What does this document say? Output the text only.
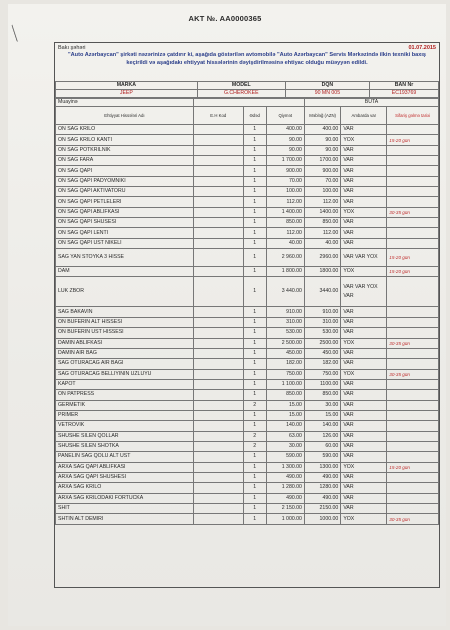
AKT №. AA0000365
Bakı şəhəri	01.07.2015
"Auto Azərbaycan" şirkəti nəzərinizə çatdırır ki, aşağıda göstərilən avtomobilə "Auto Azərbaycan" Servis Mərkəzində ilkin texniki baxış keçirildi və aşağıdakı ehtiyyat hissələrinin dəyişdirilməsinə ehtiyac olduğu müəyyən edildi.
MARKA	MODEL	DQN	BAN Nr
JEEP	G.CHEROKEE	90 MN 005	EC193769
Muayinə				BUTA		
Ehtiyyat Hissələri Adı	E.H Kod	Ədəd	Qiymət	Məbləğ (AZN)	Ambarda var	Sifariş gəlmə tarixi
ON SAG KRILO		1	400.00	400.00	VAR	
ON SAG KRILO KANTI		1	90.00	90.00	YOX	15-20 gün
ON SAG POTKRILNIK		1	90.00	90.00	VAR	
ON SAG FARA		1	1 700.00	1700.00	VAR	
ON SAG QAPI		1	900.00	900.00	VAR	
ON SAG QAPI PADYOMNIKI		1	70.00	70.00	VAR	
ON SAG QAPI AKTIVATORU		1	100.00	100.00	VAR	
ON SAG QAPI PETLELERI		1	112.00	112.00	VAR	
ON SAG QAPI ABLIFKASI		1	1 400.00	1400.00	YOX	30-35 gün
ON SAG QAPI SHUSESI		1	850.00	850.00	VAR	
ON SAG QAPI LENTI		1	112.00	112.00	VAR	
ON SAG QAPI UST NIKELI		1	40.00	40.00	VAR	
SAG YAN STOYKA 3 HISSE		1	2 960.00	2960.00	VAR VAR YOX	15-20 gün
DAM		1	1 800.00	1800.00	YOX	15-20 gün
LUK ZBOR		1	3 440.00	3440.00	VAR VAR YOX VAR	
SAG BAKAVIN		1	910.00	910.00	VAR	
ON BUFERIN ALT HISSESI		1	310.00	310.00	VAR	
ON BUFERIN UST HISSESI		1	530.00	530.00	VAR	
DAMIN ABLIFKASI		1	2 500.00	2500.00	YOX	30-35 gün
DAMIN AIR BAG		1	450.00	450.00	VAR	
SAG OTURACAG AIR BAGI		1	182.00	182.00	VAR	
SAG OTURACAG BELLIYININ UZLUYU		1	750.00	750.00	YOX	30-35 gün
KAPOT		1	1 100.00	1100.00	VAR	
ON PATPRESS		1	850.00	850.00	VAR	
GERMETIK		2	15.00	30.00	VAR	
PRIMER		1	15.00	15.00	VAR	
VETROVIK		1	140.00	140.00	VAR	
SHUSHE SILEN QOLLAR		2	63.00	126.00	VAR	
SHUSHE SILEN SHOTKA		2	30.00	60.00	VAR	
PANELIN SAG QOLU ALT UST		1	590.00	590.00	VAR	
ARXA SAG QAPI ABLIFKASI		1	1 300.00	1300.00	YOX	15-20 gün
ARXA SAG QAPI SHUSHESI		1	490.00	490.00	VAR	
ARXA SAG KRILO		1	1 280.00	1280.00	VAR	
ARXA SAG KRILODAKI FORTUCKA		1	490.00	490.00	VAR	
SHIT		1	2 150.00	2150.00	VAR	
SHTIN ALT DEMIRI		1	1 000.00	1000.00	YOX	30-35 gün
